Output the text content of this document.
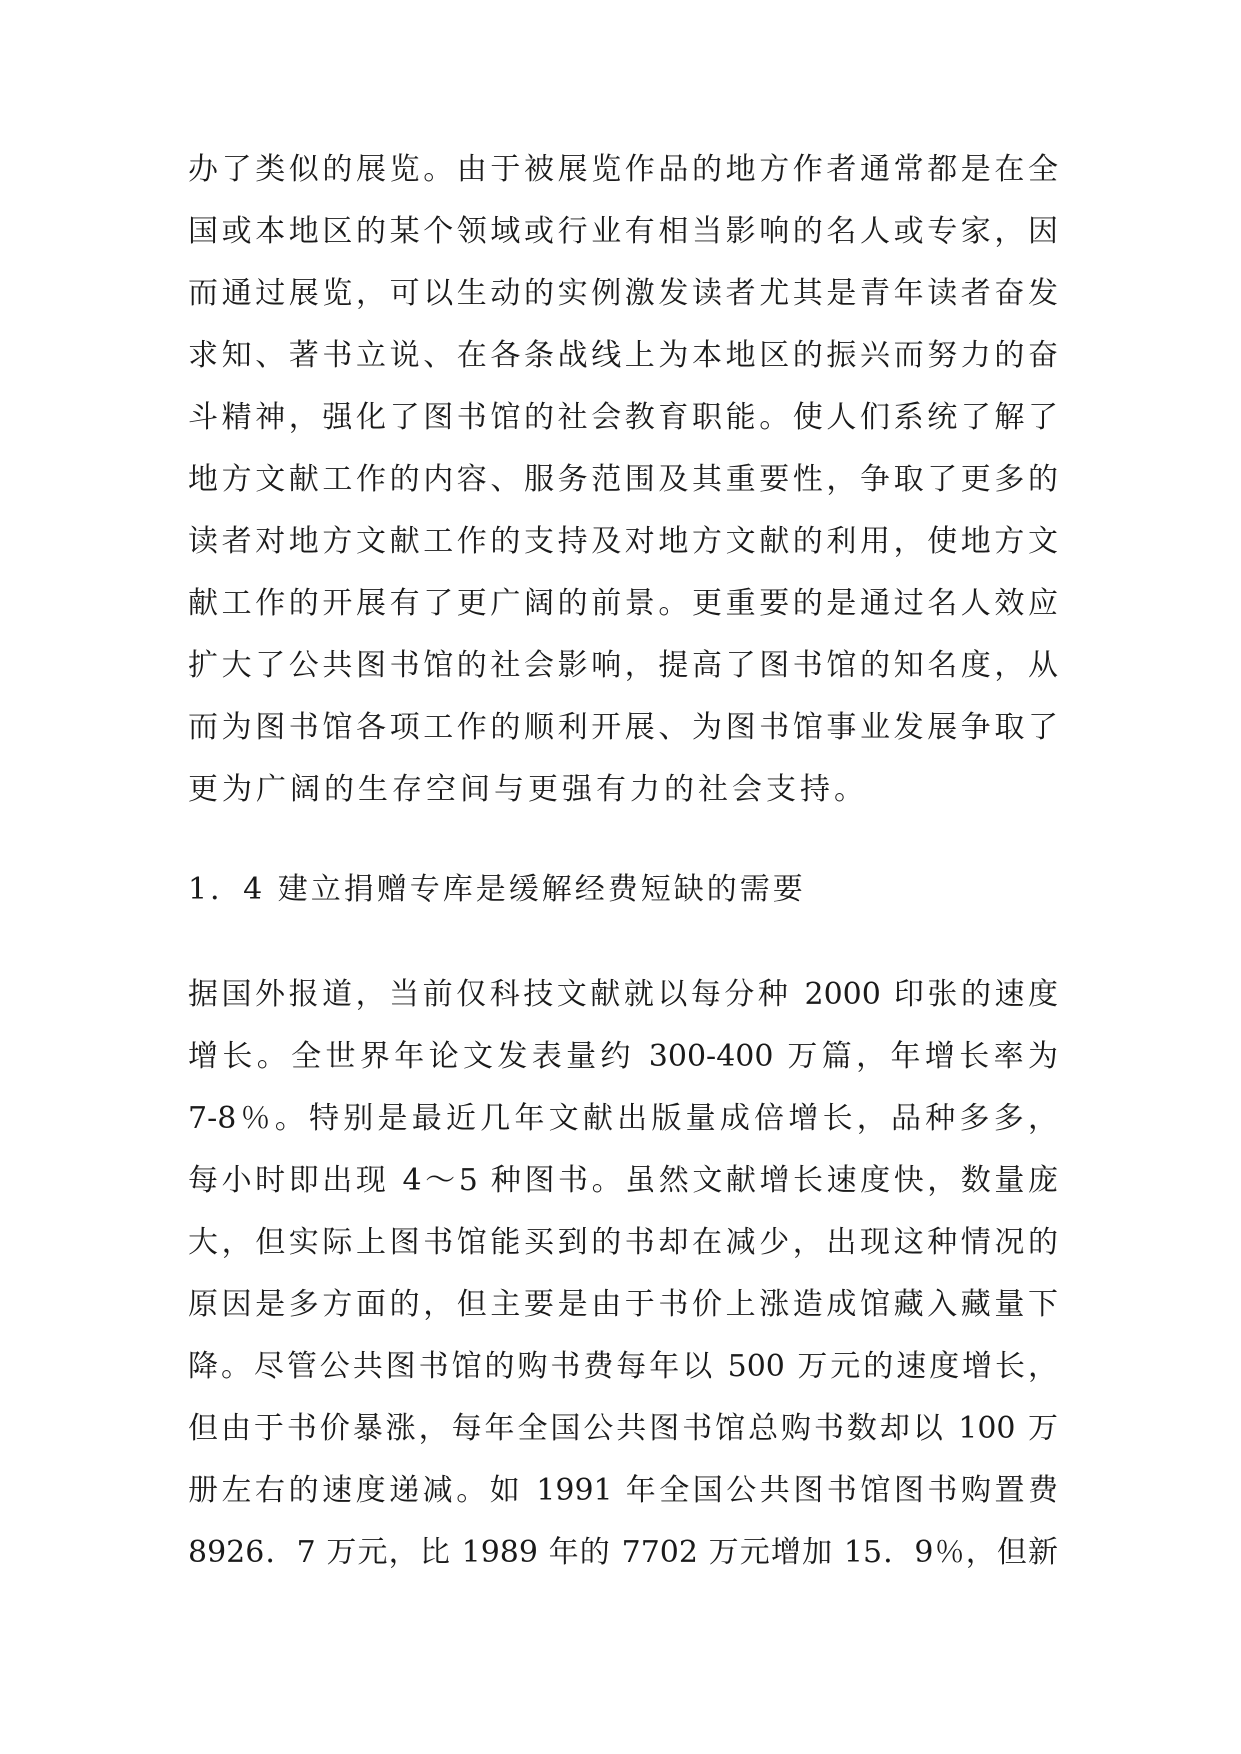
办了类似的展览。由于被展览作品的地方作者通常都是在全
国或本地区的某个领域或行业有相当影响的名人或专家，因
而通过展览，可以生动的实例激发读者尤其是青年读者奋发
求知、著书立说、在各条战线上为本地区的振兴而努力的奋
斗精神，强化了图书馆的社会教育职能。使人们系统了解了
地方文献工作的内容、服务范围及其重要性，争取了更多的
读者对地方文献工作的支持及对地方文献的利用，使地方文
献工作的开展有了更广阔的前景。更重要的是通过名人效应
扩大了公共图书馆的社会影响，提高了图书馆的知名度，从
而为图书馆各项工作的顺利开展、为图书馆事业发展争取了
更为广阔的生存空间与更强有力的社会支持。
1．4 建立捐赠专库是缓解经费短缺的需要
据国外报道，当前仅科技文献就以每分种 2000 印张的速度
增长。全世界年论文发表量约 300-400 万篇，年增长率为
7-8％。特别是最近几年文献出版量成倍增长，品种多多，
每小时即出现 4～5 种图书。虽然文献增长速度快，数量庞
大，但实际上图书馆能买到的书却在减少，出现这种情况的
原因是多方面的，但主要是由于书价上涨造成馆藏入藏量下
降。尽管公共图书馆的购书费每年以 500 万元的速度增长，
但由于书价暴涨，每年全国公共图书馆总购书数却以 100 万
册左右的速度递减。如 1991 年全国公共图书馆图书购置费
8926．7 万元，比 1989 年的 7702 万元增加 15．9％，但新
